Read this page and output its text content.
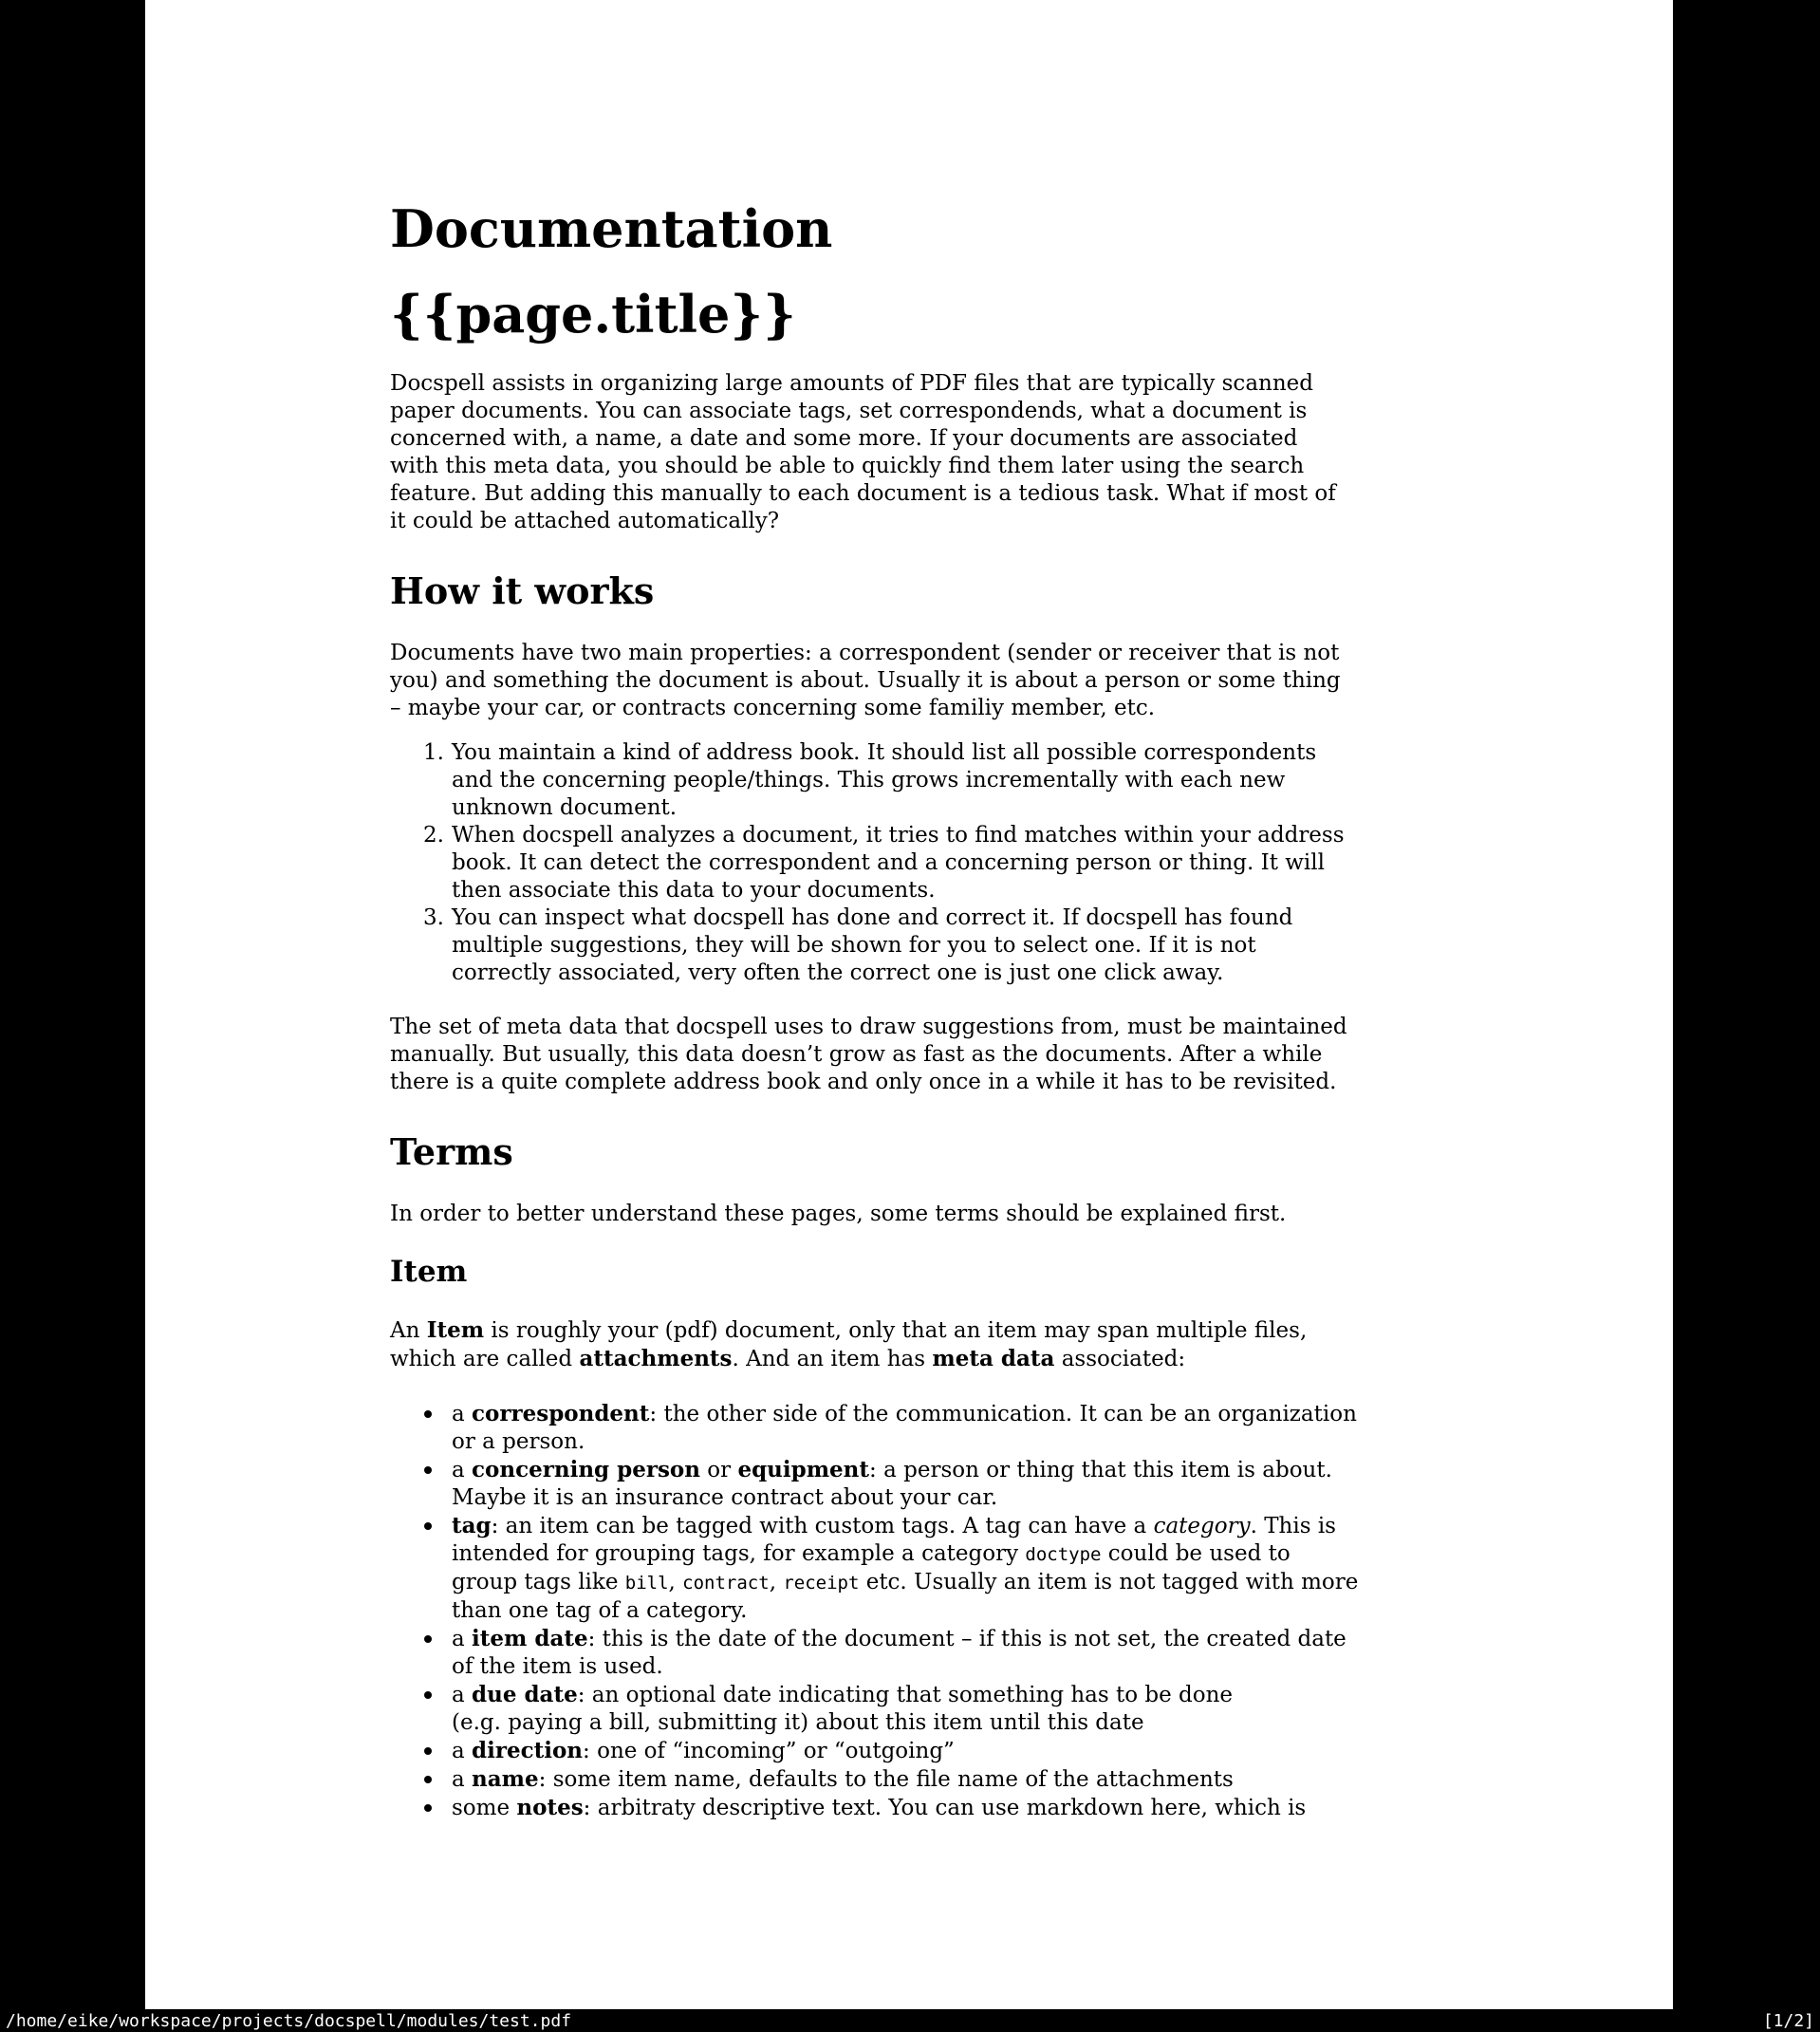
Documentation
{{page.title}}
Docspell assists in organizing large amounts of PDF files that are typically scanned
paper documents. You can associate tags, set correspondends, what a document is
concerned with, a name, a date and some more. If your documents are associated
with this meta data, you should be able to quickly find them later using the search
feature. But adding this manually to each document is a tedious task. What if most of
it could be attached automatically?
How it works
Documents have two main properties: a correspondent (sender or receiver that is not
you) and something the document is about. Usually it is about a person or some thing
– maybe your car, or contracts concerning some familiy member, etc.
1. You maintain a kind of address book. It should list all possible correspondents
and the concerning people/things. This grows incrementally with each new
unknown document.
2. When docspell analyzes a document, it tries to find matches within your address
book. It can detect the correspondent and a concerning person or thing. It will
then associate this data to your documents.
3. You can inspect what docspell has done and correct it. If docspell has found
multiple suggestions, they will be shown for you to select one. If it is not
correctly associated, very often the correct one is just one click away.
The set of meta data that docspell uses to draw suggestions from, must be maintained
manually. But usually, this data doesn’t grow as fast as the documents. After a while
there is a quite complete address book and only once in a while it has to be revisited.
Terms
In order to better understand these pages, some terms should be explained first.
Item
An Item is roughly your (pdf) document, only that an item may span multiple files,
which are called attachments. And an item has meta data associated:
a correspondent: the other side of the communication. It can be an organization
or a person.
a concerning person or equipment: a person or thing that this item is about.
Maybe it is an insurance contract about your car.
tag: an item can be tagged with custom tags. A tag can have a category. This is
intended for grouping tags, for example a category doctype could be used to
group tags like bill, contract, receipt etc. Usually an item is not tagged with more
than one tag of a category.
a item date: this is the date of the document – if this is not set, the created date
of the item is used.
a due date: an optional date indicating that something has to be done
(e.g. paying a bill, submitting it) about this item until this date
a direction: one of “incoming” or “outgoing”
a name: some item name, defaults to the file name of the attachments
some notes: arbitraty descriptive text. You can use markdown here, which is
/home/eike/workspace/projects/docspell/modules/test.pdf	[1/2]
